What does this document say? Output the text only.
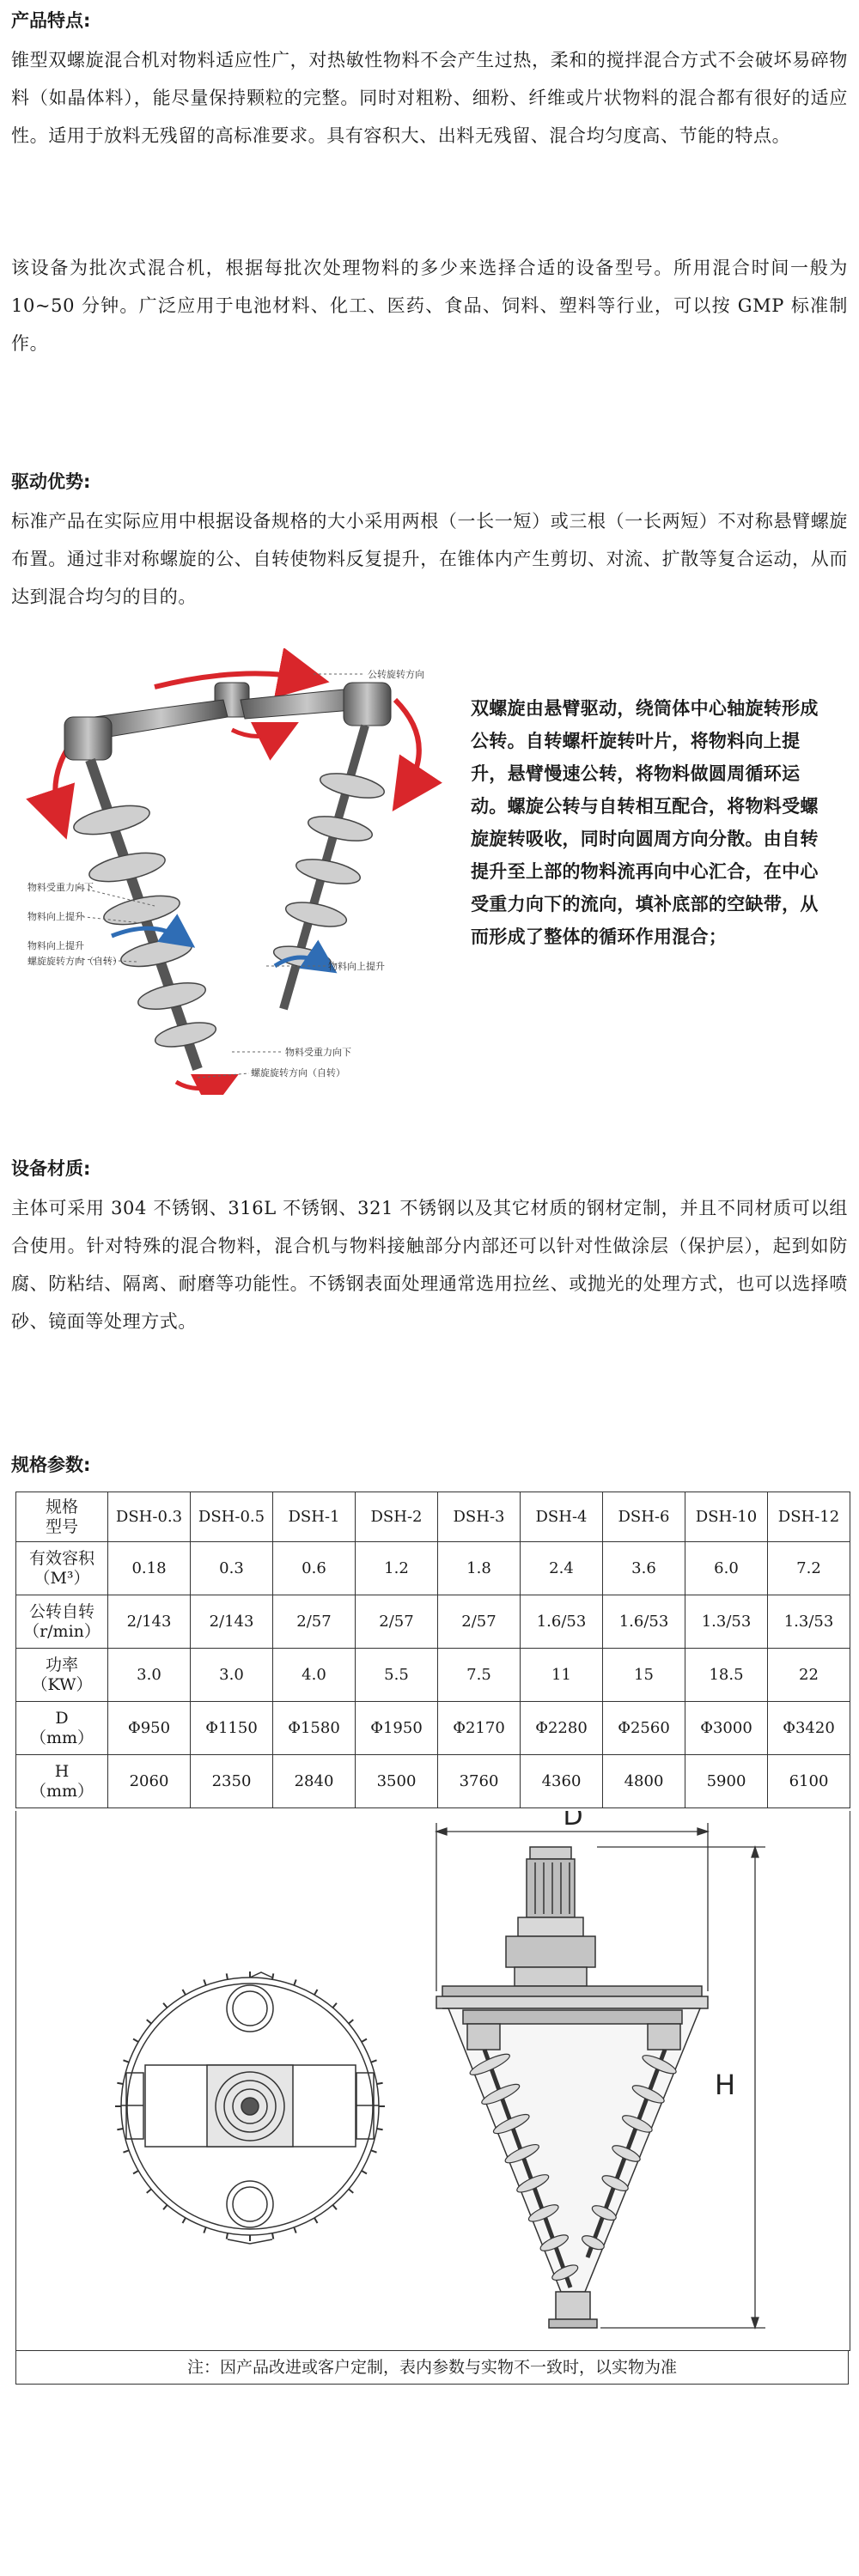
产品特点:

锥型双螺旋混合机对物料适应性广，对热敏性物料不会产生过热，柔和的搅拌混合方式不会破坏易碎物料（如晶体料），能尽量保持颗粒的完整。同时对粗粉、细粉、纤维或片状物料的混合都有很好的适应性。适用于放料无残留的高标准要求。具有容积大、出料无残留、混合均匀度高、节能的特点。

该设备为批次式混合机，根据每批次处理物料的多少来选择合适的设备型号。所用混合时间一般为 10~50 分钟。广泛应用于电池材料、化工、医药、食品、饲料、塑料等行业，可以按 GMP 标准制作。

驱动优势:

标准产品在实际应用中根据设备规格的大小采用两根（一长一短）或三根（一长两短）不对称悬臂螺旋布置。通过非对称螺旋的公、自转使物料反复提升，在锥体内产生剪切、对流、扩散等复合运动，从而达到混合均匀的目的。

公转旋转方向
物料受重力向下
物料向上提升
物料向上提升
螺旋旋转方向（自转）	物料向上提升
物料受重力向下
螺旋旋转方向（自转）

双螺旋由悬臂驱动，绕筒体中心轴旋转形成公转。自转螺杆旋转叶片，将物料向上提升，悬臂慢速公转，将物料做圆周循环运动。螺旋公转与自转相互配合，将物料受螺旋旋转吸收，同时向圆周方向分散。由自转提升至上部的物料流再向中心汇合，在中心受重力向下的流向，填补底部的空缺带，从而形成了整体的循环作用混合；

设备材质:

主体可采用 304 不锈钢、316L 不锈钢、321 不锈钢以及其它材质的钢材定制，并且不同材质可以组合使用。针对特殊的混合物料，混合机与物料接触部分内部还可以针对性做涂层（保护层），起到如防腐、防粘结、隔离、耐磨等功能性。不锈钢表面处理通常选用拉丝、或抛光的处理方式，也可以选择喷砂、镜面等处理方式。

规格参数:
规格
型号	DSH-0.3	DSH-0.5	DSH-1	DSH-2	DSH-3	DSH-4	DSH-6	DSH-10	DSH-12
有效容积
（M³）	0.18	0.3	0.6	1.2	1.8	2.4	3.6	6.0	7.2
公转自转
（r/min）	2/143	2/143	2/57	2/57	2/57	1.6/53	1.6/53	1.3/53	1.3/53
功率
（KW）	3.0	3.0	4.0	5.5	7.5	11	15	18.5	22
D
（mm）	Φ950	Φ1150	Φ1580	Φ1950	Φ2170	Φ2280	Φ2560	Φ3000	Φ3420
H
（mm）	2060	2350	2840	3500	3760	4360	4800	5900	6100
D
H
注：因产品改进或客户定制，表内参数与实物不一致时，以实物为准
